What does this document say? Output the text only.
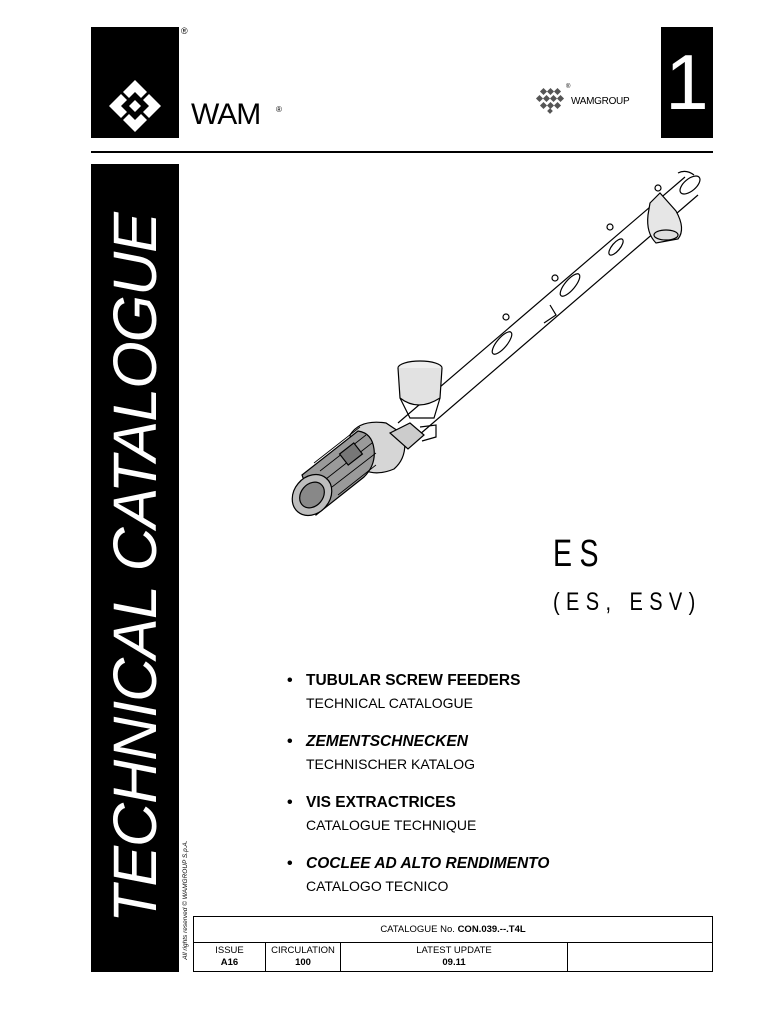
®
WAM ®
®
WAMGROUP 1
TECHNICAL CATALOGUE All rights reserved © WAMGROUP S.p.A.
ES
(ES, ESV)
• TUBULAR SCREW FEEDERS
TECHNICAL CATALOGUE
• ZEMENTSCHNECKEN
TECHNISCHER KATALOG
• VIS EXTRACTRICES
CATALOGUE TECHNIQUE
• COCLEE AD ALTO RENDIMENTO
CATALOGO TECNICO
CATALOGUE No. CON.039.--.T4L
ISSUE
A16
CIRCULATION
100
LATEST UPDATE
09.11
